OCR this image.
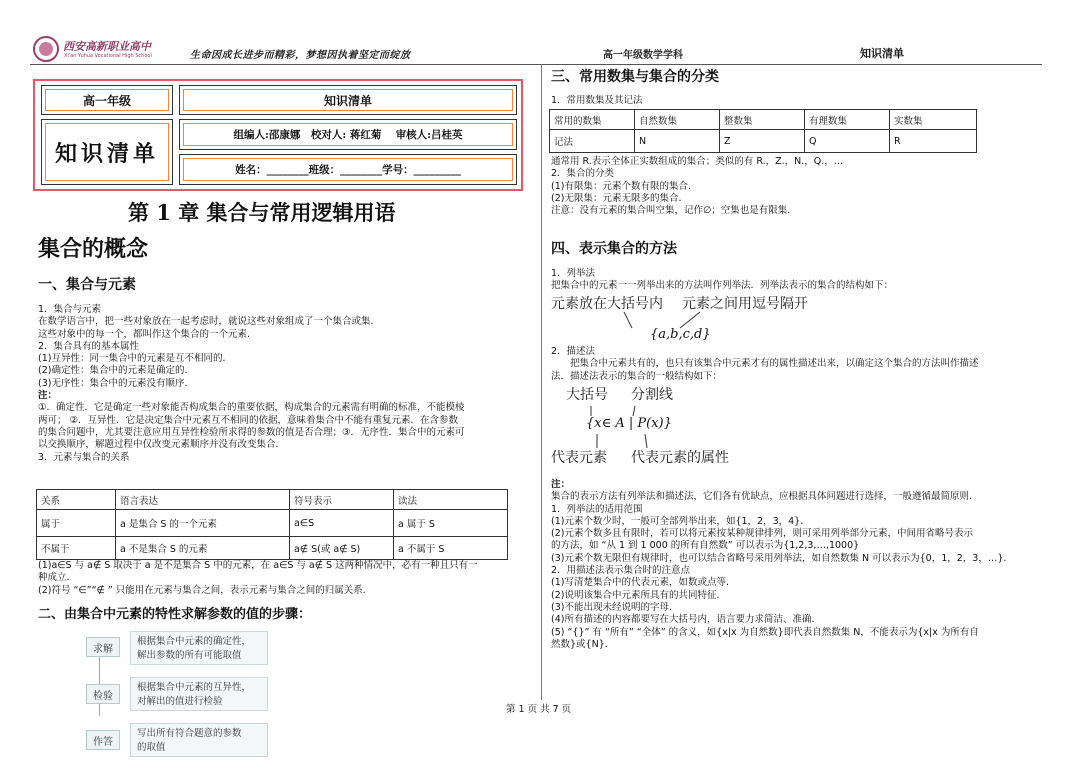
西安高新职业高中
Xi'an Yuhua Vocational High School	生命因成长进步而精彩，梦想因执着坚定而绽放	高一年级数学学科	知识清单
高一年级
知识清单
知识清单
组编人:邵康娜　校对人: 蒋红菊　 审核人:吕桂英
姓名：________班级：________学号：_________
第 1 章 集合与常用逻辑用语
集合的概念
一、集合与元素
1．集合与元素
在数学语言中，把一些对象放在一起考虑时，就说这些对象组成了一个集合或集.
这些对象中的每一个，都叫作这个集合的一个元素.
2．集合具有的基本属性
(1)互异性：同一集合中的元素是互不相同的.
(2)确定性：集合中的元素是确定的.
(3)无序性：集合中的元素没有顺序.
注：
①．确定性．它是确定一些对象能否构成集合的重要依据，构成集合的元素需有明确的标准，不能模棱
两可； ②．互异性．它是决定集合中元素互不相同的依据，意味着集合中不能有重复元素．在含参数
的集合问题中，尤其要注意应用互异性检验所求得的参数的值是否合理；③．无序性．集合中的元素可
以交换顺序，解题过程中仅改变元素顺序并没有改变集合.
3．元素与集合的关系
关系	语言表达	符号表示	读法
属于	a 是集合 S 的一个元素	a∈S	a 属于 S
不属于	a 不是集合 S 的元素	a∉ S(或 a∉ S)	a 不属于 S
(1)a∈S 与 a∉ S 取决于 a 是不是集合 S 中的元素，在 a∈S 与 a∉ S 这两种情况中，必有一种且只有一
种成立.
(2)符号 “∈”“∉ ” 只能用在元素与集合之间，表示元素与集合之间的归属关系.
二、由集合中元素的特性求解参数的值的步骤：
求解
根据集合中元素的确定性，
解出参数的所有可能取值
检验
根据集合中元素的互异性，
对解出的值进行检验
作答
写出所有符合题意的参数
的取值
三、常用数集与集合的分类
1．常用数集及其记法
常用的数集	自然数集	整数集	有理数集	实数集
记法	N	Z	Q	R
通常用 R.表示全体正实数组成的集合；类似的有 R.，Z.，N.，Q.，…
2．集合的分类
(1)有限集：元素个数有限的集合.
(2)无限集：元素无限多的集合.
注意：没有元素的集合叫空集，记作∅；空集也是有限集.
四、表示集合的方法
1．列举法
把集合中的元素一一列举出来的方法叫作列举法．列举法表示的集合的结构如下：
元素放在大括号内 元素之间用逗号隔开
{a,b,c,d}
2．描述法
　　把集合中元素共有的，也只有该集合中元素才有的属性描述出来，以确定这个集合的方法叫作描述
法．描述法表示的集合的一般结构如下：
大括号 分割线
{x∈ A | P(x)}
代表元素 代表元素的属性
注：
集合的表示方法有列举法和描述法，它们各有优缺点，应根据具体问题进行选择，一般遵循最简原则.
1．列举法的适用范围
(1)元素个数少时，一般可全部列举出来，如{1，2，3，4}.
(2)元素个数多且有限时，若可以将元素按某种规律排列，则可采用列举部分元素，中间用省略号表示
的方法，如 “从 1 到 1 000 的所有自然数” 可以表示为{1,2,3,…,1000}
(3)元素个数无限但有规律时，也可以结合省略号采用列举法，如自然数集 N 可以表示为{0，1，2，3，…}.
2．用描述法表示集合时的注意点
(1)写清楚集合中的代表元素，如数或点等.
(2)说明该集合中元素所具有的共同特征.
(3)不能出现未经说明的字母.
(4)所有描述的内容都要写在大括号内，语言要力求简洁、准确.
(5) “{}” 有 “所有” “全体” 的含义，如{x|x 为自然数}即代表自然数集 N，不能表示为{x|x 为所有自
然数}或{N}.
第 1 页 共 7 页
